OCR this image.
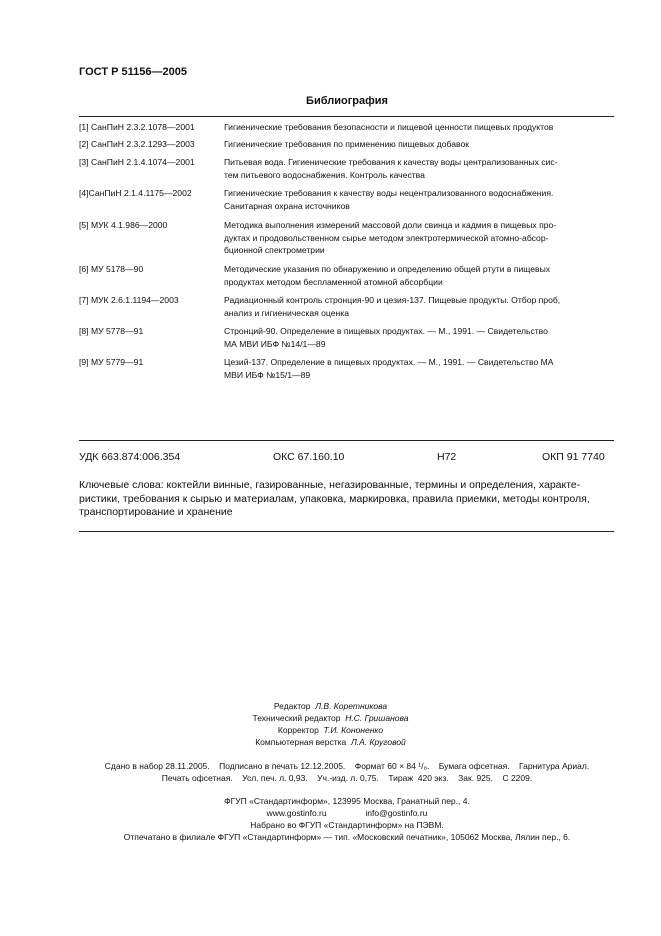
ГОСТ Р 51156—2005
Библиография
[1] СанПиН 2.3.2.1078—2001	Гигиенические требования безопасности и пищевой ценности пищевых продуктов
[2] СанПиН 2.3.2.1293—2003	Гигиенические требования по применению пищевых добавок
[3] СанПиН 2.1.4.1074—2001	Питьевая вода. Гигиенические требования к качеству воды централизованных сис-
тем питьевого водоснабжения. Контроль качества
[4]СанПиН 2.1.4.1175—2002	Гигиенические требования к качеству воды нецентрализованного водоснабжения.
Санитарная охрана источников
[5] МУК 4.1.986—2000	Методика выполнения измерений массовой доли свинца и кадмия в пищевых про-
дуктах и продовольственном сырье методом электротермической атомно-абсор-
бционной спектрометрии
[6] МУ 5178—90	Методические указания по обнаружению и определению общей ртути в пищевых
продуктах методом беспламенной атомной абсорбции
[7] МУК 2.6.1.1194—2003	Радиационный контроль стронция-90 и цезия-137. Пищевые продукты. Отбор проб,
анализ и гигиеническая оценка
[8] МУ 5778—91	Стронций-90. Определение в пищевых продуктах. — М., 1991. — Свидетельство
МА МВИ ИБФ №14/1—89
[9] МУ 5779—91	Цезий-137. Определение в пищевых продуктах. — М., 1991. — Свидетельство МА
МВИ ИБФ №15/1—89
УДК 663.874:006.354	ОКС 67.160.10	Н72	ОКП 91 7740
Ключевые слова: коктейли винные, газированные, негазированные, термины и определения, характе-
ристики, требования к сырью и материалам, упаковка, маркировка, правила приемки, методы контроля,
транспортирование и хранение
Редактор Л.В. Коретникова
Технический редактор Н.С. Гришанова
Корректор Т.И. Кононенко
Компьютерная верстка Л.А. Круговой
Сдано в набор 28.11.2005.    Подписано в печать 12.12.2005.    Формат 60 × 84 ¹/₈.    Бумага офсетная.    Гарнитура Ариал.
Печать офсетная.    Усл. печ. л. 0,93.    Уч.-изд. л. 0,75.    Тираж  420 экз.    Зак. 925.    С 2209.
ФГУП «Стандартинформ», 123995 Москва, Гранатный пер., 4.
www.gostinfo.ru	info@gostinfo.ru
Набрано во ФГУП «Стандартинформ» на ПЭВМ.
Отпечатано в филиале ФГУП «Стандартинформ» — тип. «Московский печатник», 105062 Москва, Лялин пер., 6.
